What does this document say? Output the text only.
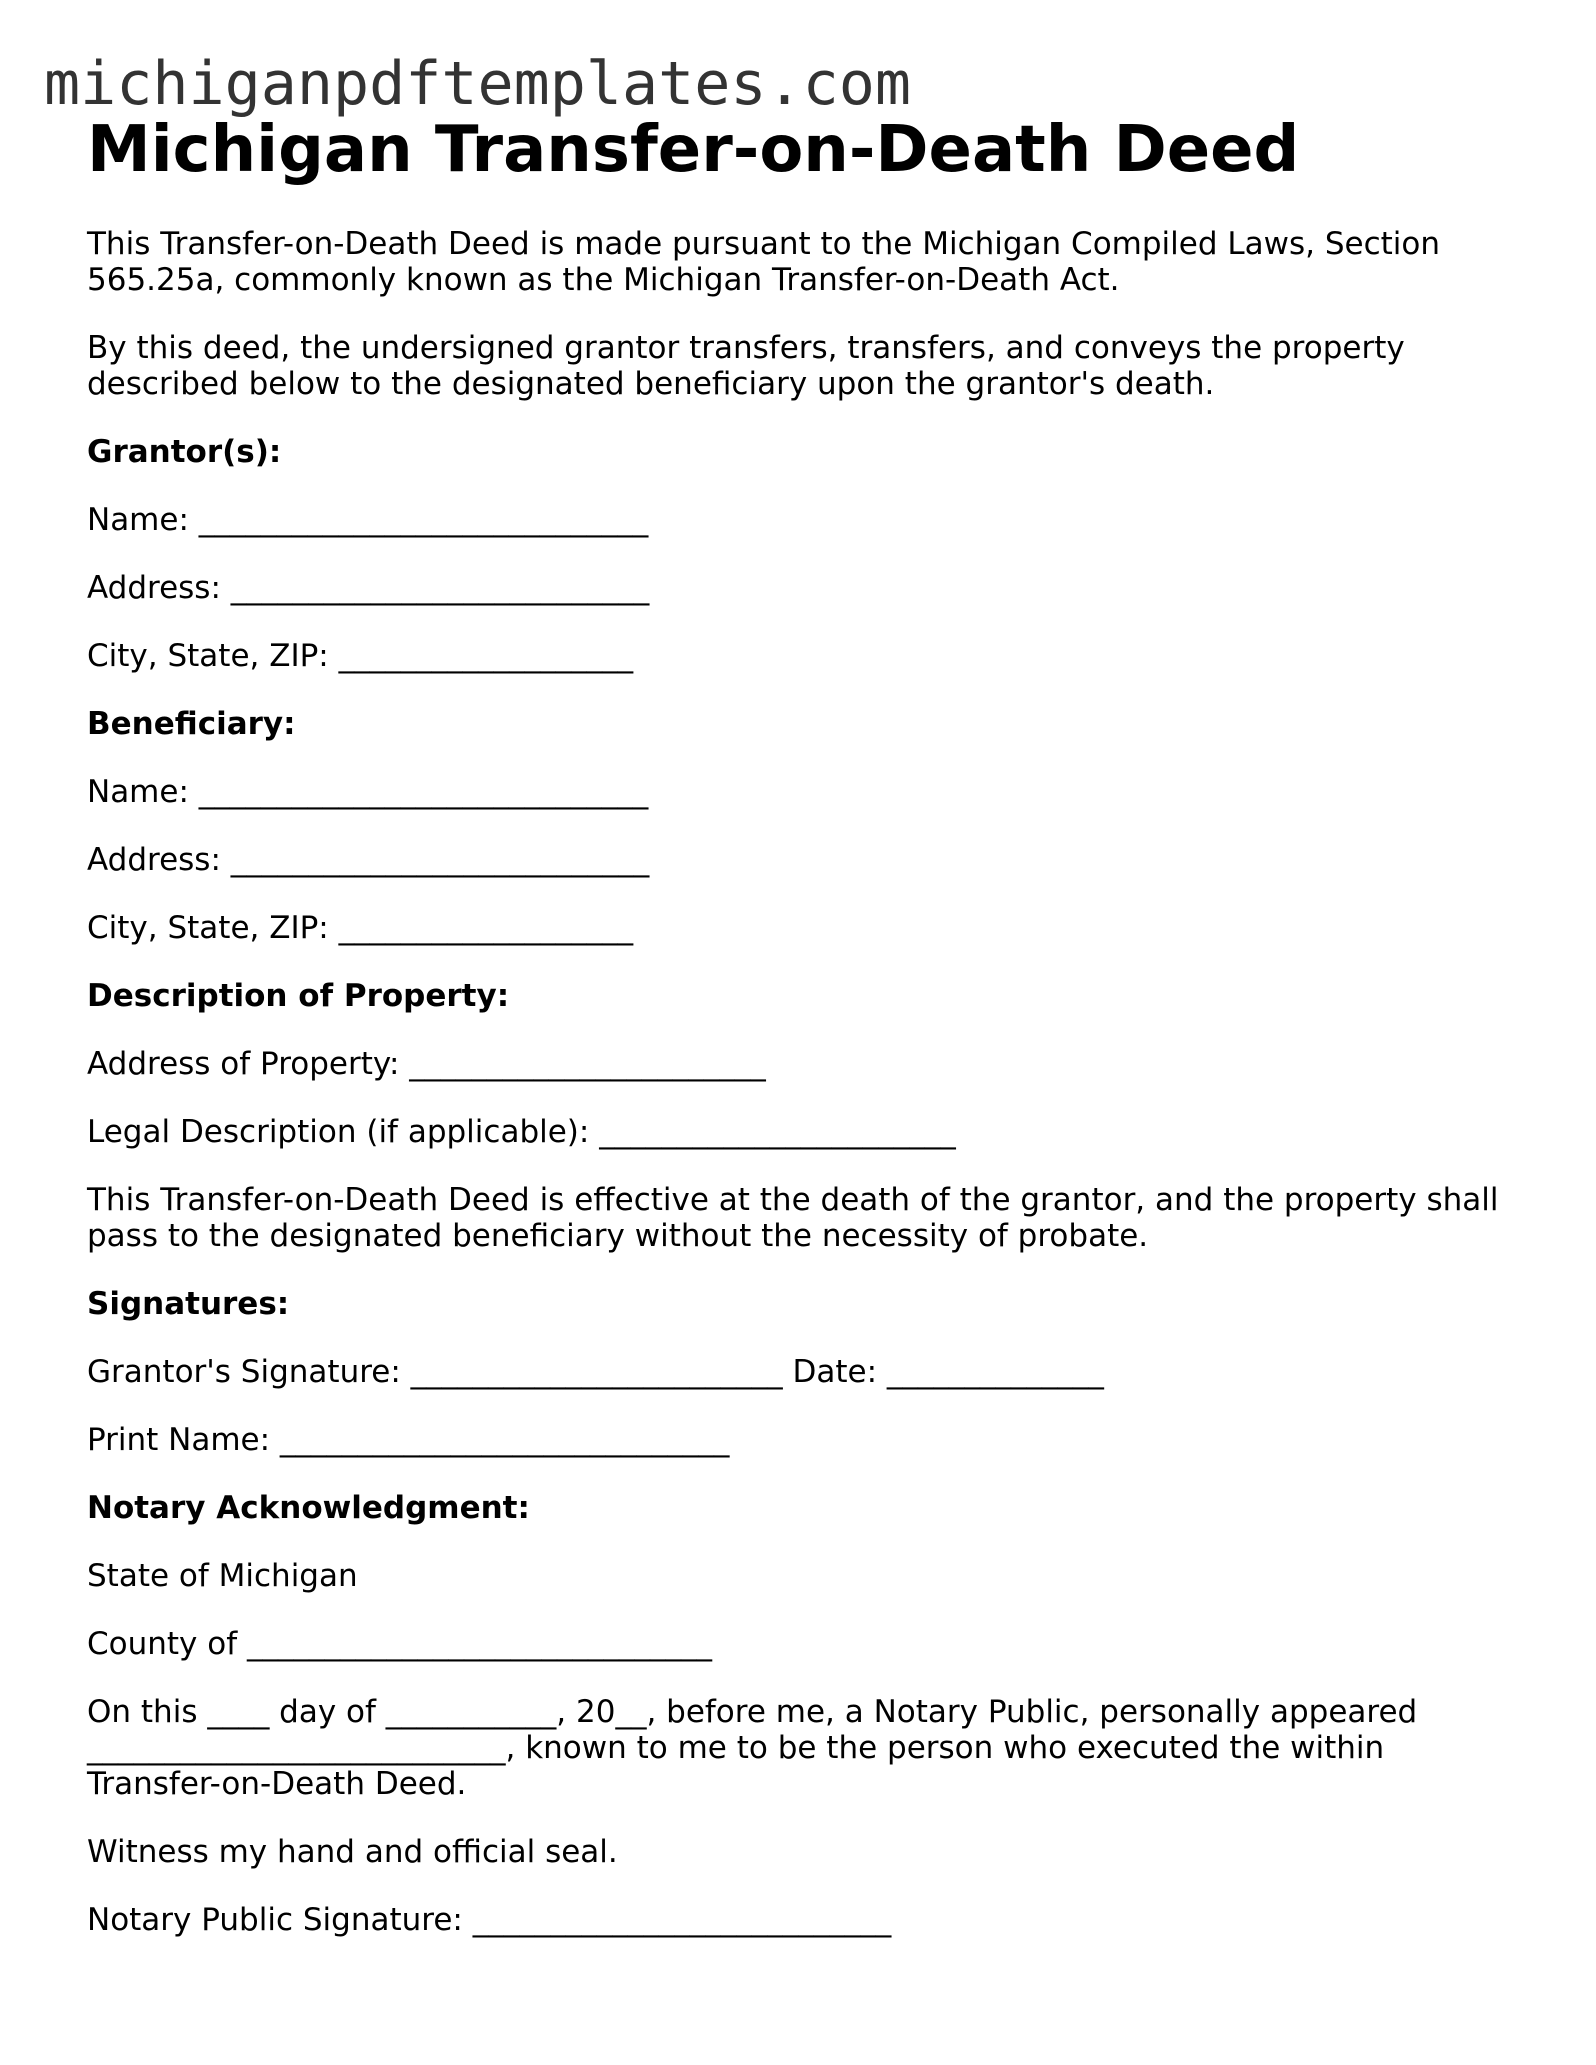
michiganpdftemplates.com
Michigan Transfer-on-Death Deed
This Transfer-on-Death Deed is made pursuant to the Michigan Compiled Laws, Section 565.25a, commonly known as the Michigan Transfer-on-Death Act.
By this deed, the undersigned grantor transfers, transfers, and conveys the property described below to the designated beneficiary upon the grantor's death.
Grantor(s):
Name: _____________________________
Address: ___________________________
City, State, ZIP: ___________________
Beneficiary:
Name: _____________________________
Address: ___________________________
City, State, ZIP: ___________________
Description of Property:
Address of Property: _______________________
Legal Description (if applicable): _______________________
This Transfer-on-Death Deed is effective at the death of the grantor, and the property shall pass to the designated beneficiary without the necessity of probate.
Signatures:
Grantor's Signature: ________________________ Date: ______________
Print Name: _____________________________
Notary Acknowledgment:
State of Michigan
County of ______________________________
On this ____ day of ___________, 20__, before me, a Notary Public, personally appeared ___________________________, known to me to be the person who executed the within Transfer-on-Death Deed.
Witness my hand and official seal.
Notary Public Signature: ___________________________
